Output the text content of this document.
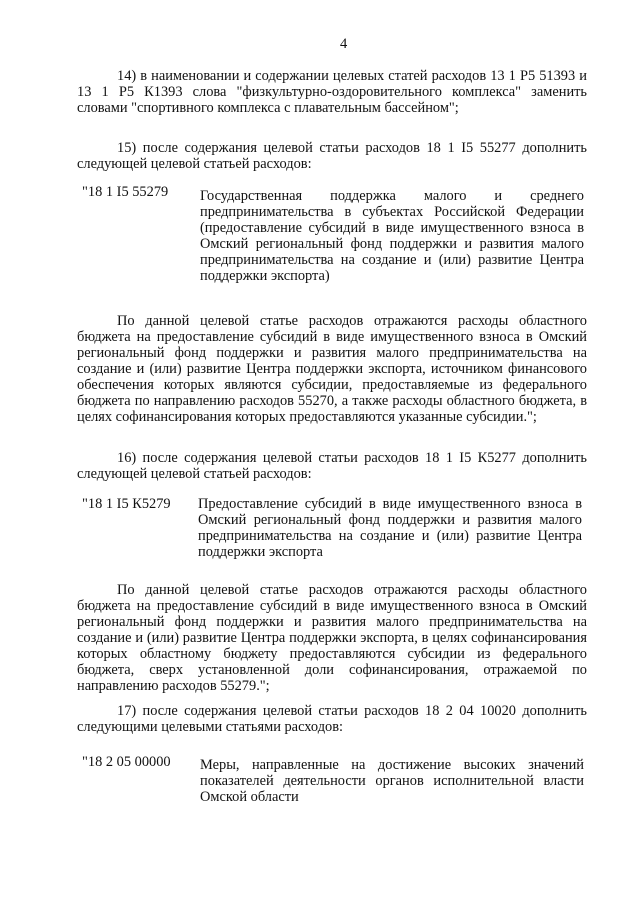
4
14) в наименовании и содержании целевых статей расходов 13 1 Р5 51393 и 13 1 Р5 К1393 слова "физкультурно-оздоровительного комплекса" заменить словами "спортивного комплекса с плавательным бассейном";
15) после содержания целевой статьи расходов 18 1 I5 55277 дополнить следующей целевой статьей расходов:
"18 1 I5 55279 Государственная поддержка малого и среднего предпринимательства в субъектах Российской Федерации (предоставление субсидий в виде имущественного взноса в Омский региональный фонд поддержки и развития малого предпринимательства на создание и (или) развитие Центра поддержки экспорта)
По данной целевой статье расходов отражаются расходы областного бюджета на предоставление субсидий в виде имущественного взноса в Омский региональный фонд поддержки и развития малого предпринимательства на создание и (или) развитие Центра поддержки экспорта, источником финансового обеспечения которых являются субсидии, предоставляемые из федерального бюджета по направлению расходов 55270, а также расходы областного бюджета, в целях софинансирования которых предоставляются указанные субсидии.";
16) после содержания целевой статьи расходов 18 1 I5 К5277 дополнить следующей целевой статьей расходов:
"18 1 I5 К5279 Предоставление субсидий в виде имущественного взноса в Омский региональный фонд поддержки и развития малого предпринимательства на создание и (или) развитие Центра поддержки экспорта
По данной целевой статье расходов отражаются расходы областного бюджета на предоставление субсидий в виде имущественного взноса в Омский региональный фонд поддержки и развития малого предпринимательства на создание и (или) развитие Центра поддержки экспорта, в целях софинансирования которых областному бюджету предоставляются субсидии из федерального бюджета, сверх установленной доли софинансирования, отражаемой по направлению расходов 55279.";
17) после содержания целевой статьи расходов 18 2 04 10020 дополнить следующими целевыми статьями расходов:
"18 2 05 00000 Меры, направленные на достижение высоких значений показателей деятельности органов исполнительной власти Омской области
